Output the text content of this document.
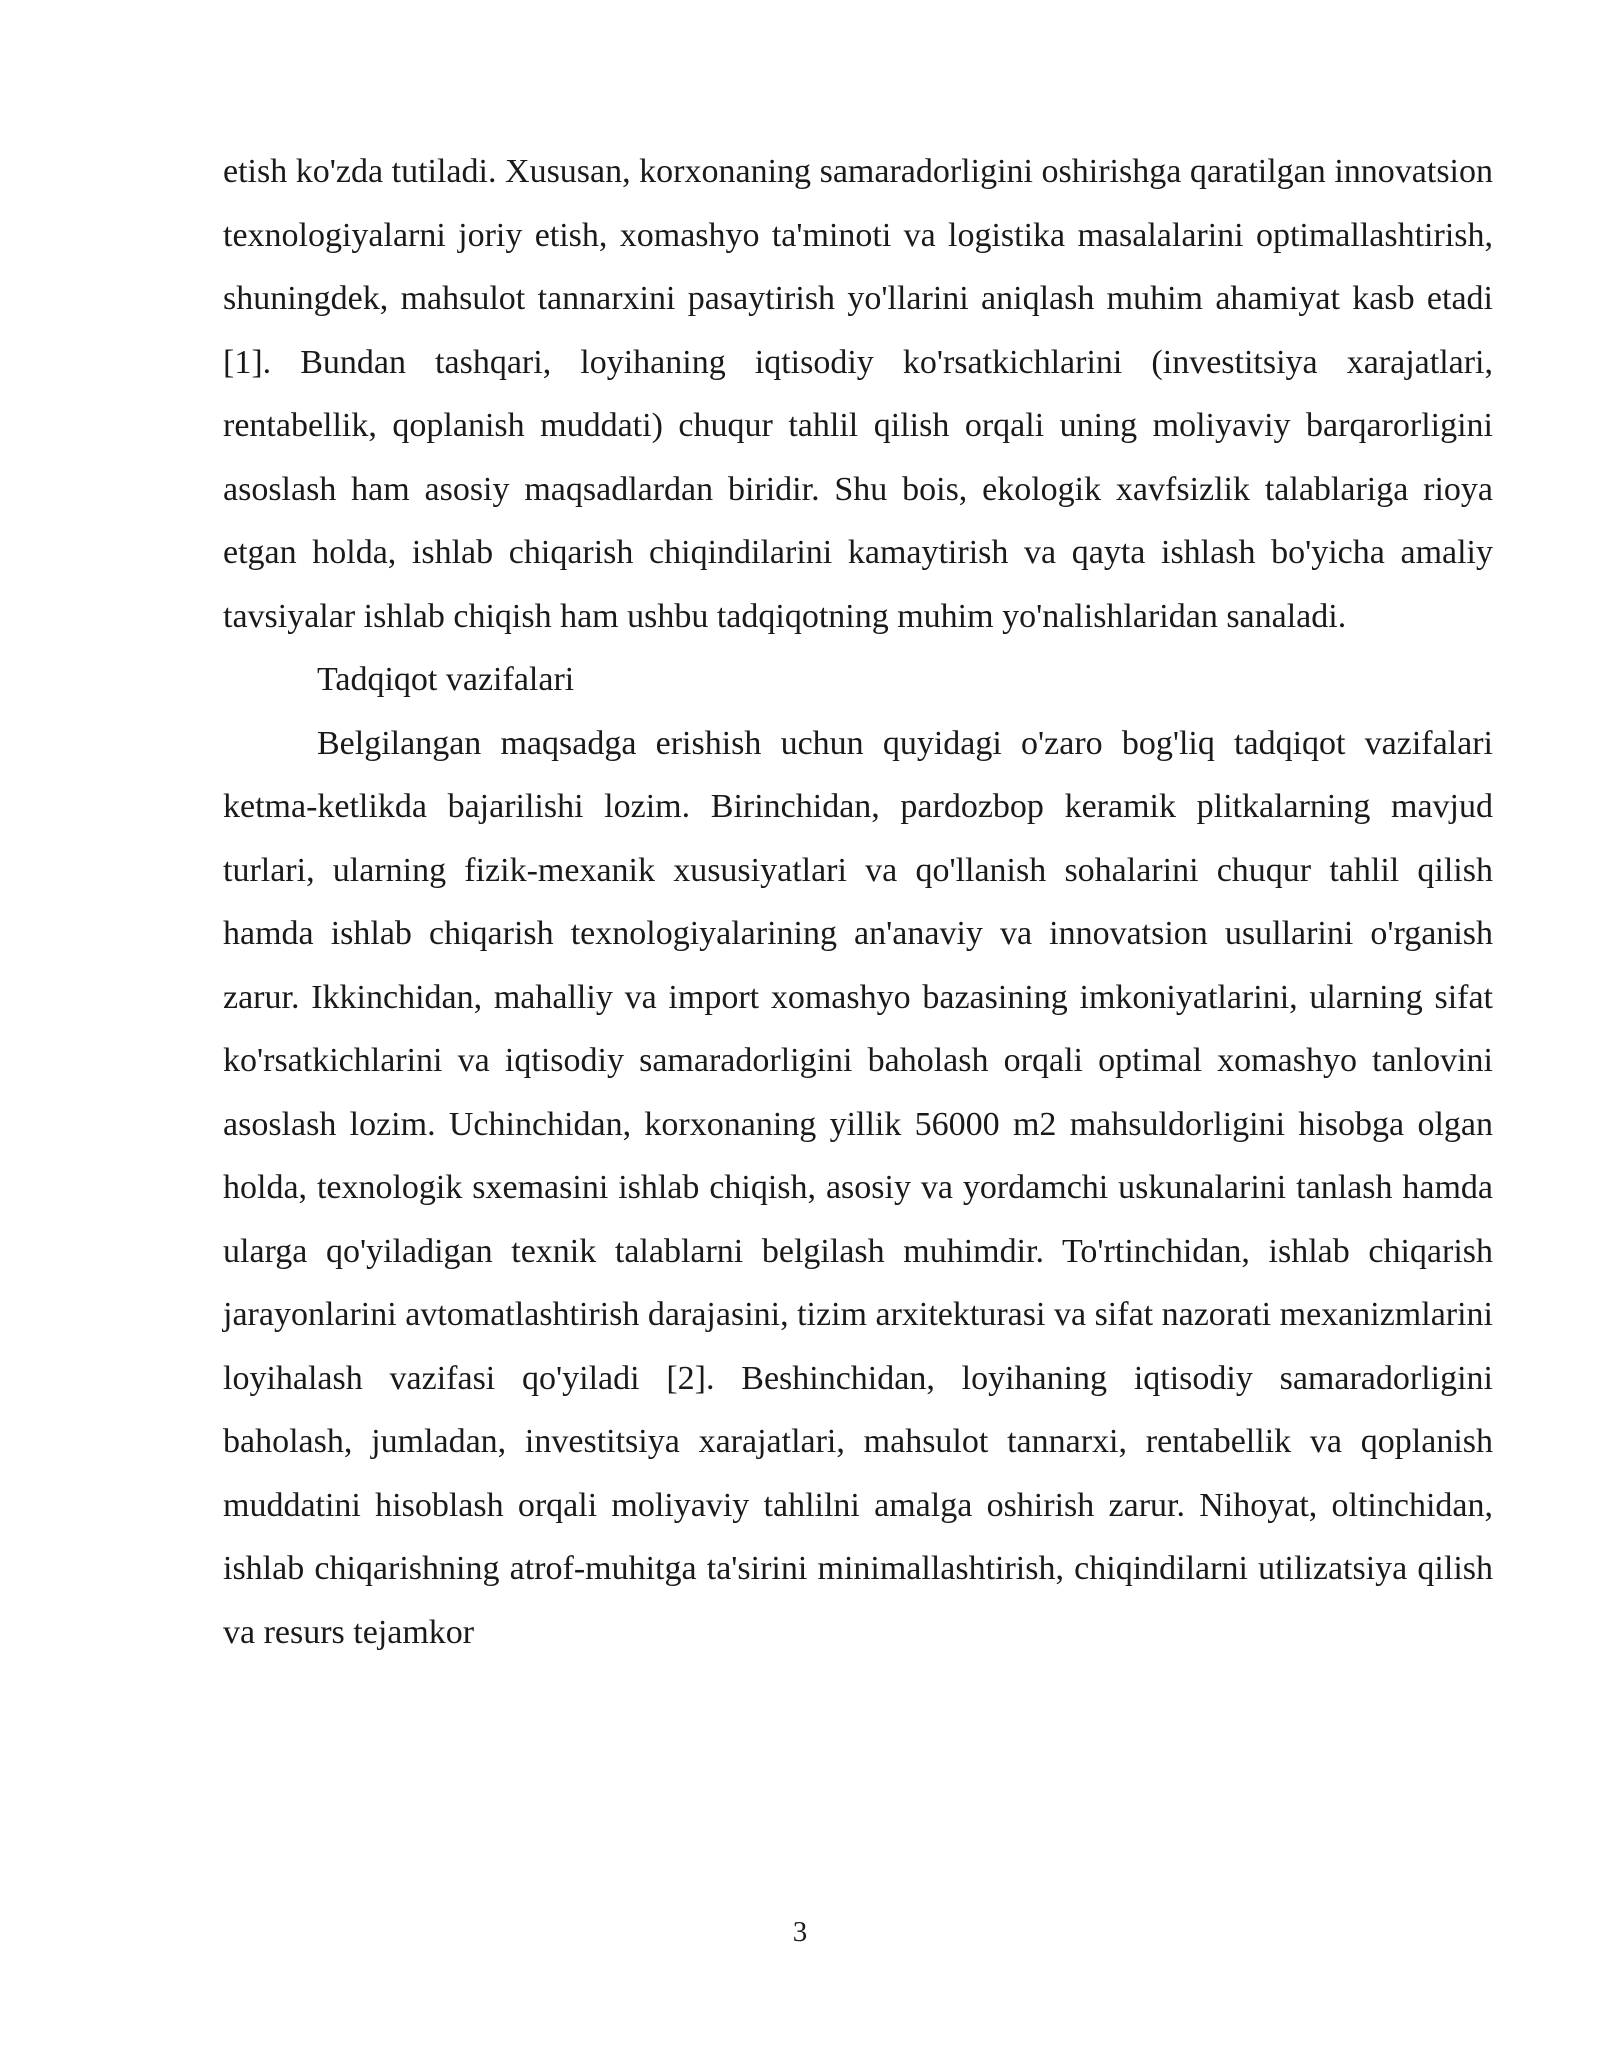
etish ko'zda tutiladi. Xususan, korxonaning samaradorligini oshirishga qaratilgan innovatsion texnologiyalarni joriy etish, xomashyo ta'minoti va logistika masalalarini optimallashtirish, shuningdek, mahsulot tannarxini pasaytirish yo'llarini aniqlash muhim ahamiyat kasb etadi [1]. Bundan tashqari, loyihaning iqtisodiy ko'rsatkichlarini (investitsiya xarajatlari, rentabellik, qoplanish muddati) chuqur tahlil qilish orqali uning moliyaviy barqarorligini asoslash ham asosiy maqsadlardan biridir. Shu bois, ekologik xavfsizlik talablariga rioya etgan holda, ishlab chiqarish chiqindilarini kamaytirish va qayta ishlash bo'yicha amaliy tavsiyalar ishlab chiqish ham ushbu tadqiqotning muhim yo'nalishlaridan sanaladi.

Tadqiqot vazifalari

Belgilangan maqsadga erishish uchun quyidagi o'zaro bog'liq tadqiqot vazifalari ketma-ketlikda bajarilishi lozim. Birinchidan, pardozbop keramik plitkalarning mavjud turlari, ularning fizik-mexanik xususiyatlari va qo'llanish sohalarini chuqur tahlil qilish hamda ishlab chiqarish texnologiyalarining an'anaviy va innovatsion usullarini o'rganish zarur. Ikkinchidan, mahalliy va import xomashyo bazasining imkoniyatlarini, ularning sifat ko'rsatkichlarini va iqtisodiy samaradorligini baholash orqali optimal xomashyo tanlovini asoslash lozim. Uchinchidan, korxonaning yillik 56000 m2 mahsuldorligini hisobga olgan holda, texnologik sxemasini ishlab chiqish, asosiy va yordamchi uskunalarini tanlash hamda ularga qo'yiladigan texnik talablarni belgilash muhimdir. To'rtinchidan, ishlab chiqarish jarayonlarini avtomatlashtirish darajasini, tizim arxitekturasi va sifat nazorati mexanizmlarini loyihalash vazifasi qo'yiladi [2]. Beshinchidan, loyihaning iqtisodiy samaradorligini baholash, jumladan, investitsiya xarajatlari, mahsulot tannarxi, rentabellik va qoplanish muddatini hisoblash orqali moliyaviy tahlilni amalga oshirish zarur. Nihoyat, oltinchidan, ishlab chiqarishning atrof-muhitga ta'sirini minimallashtirish, chiqindilarni utilizatsiya qilish va resurs tejamkor

3
